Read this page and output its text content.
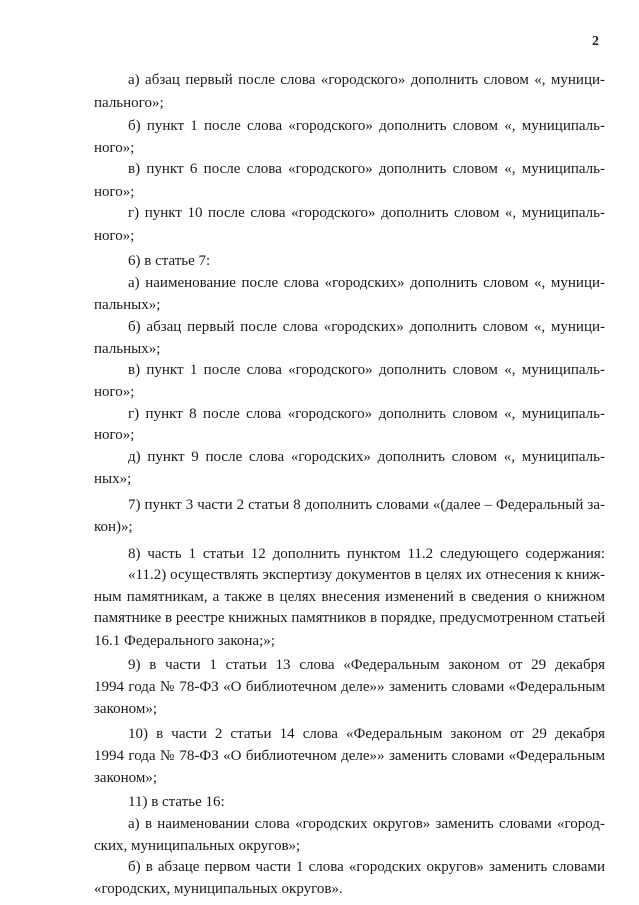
2
а) абзац первый после слова «городского» дополнить словом «, муници-
пального»;
б) пункт 1 после слова «городского» дополнить словом «, муниципаль-
ного»;
в) пункт 6 после слова «городского» дополнить словом «, муниципаль-
ного»;
г) пункт 10 после слова «городского» дополнить словом «, муниципаль-
ного»;
6) в статье 7:
а) наименование после слова «городских» дополнить словом «, муници-
пальных»;
б) абзац первый после слова «городских» дополнить словом «, муници-
пальных»;
в) пункт 1 после слова «городского» дополнить словом «, муниципаль-
ного»;
г) пункт 8 после слова «городского» дополнить словом «, муниципаль-
ного»;
д) пункт 9 после слова «городских» дополнить словом «, муниципаль-
ных»;
7) пункт 3 части 2 статьи 8 дополнить словами «(далее – Федеральный за-
кон)»;
8) часть 1 статьи 12 дополнить пунктом 11.2 следующего содержания:
«11.2) осуществлять экспертизу документов в целях их отнесения к книж-
ным памятникам, а также в целях внесения изменений в сведения о книжном
памятнике в реестре книжных памятников в порядке, предусмотренном статьей
16.1 Федерального закона;»;
9) в части 1 статьи 13 слова «Федеральным законом от 29 декабря
1994 года № 78-ФЗ «О библиотечном деле»» заменить словами «Федеральным
законом»;
10) в части 2 статьи 14 слова «Федеральным законом от 29 декабря
1994 года № 78-ФЗ «О библиотечном деле»» заменить словами «Федеральным
законом»;
11) в статье 16:
а) в наименовании слова «городских округов» заменить словами «город-
ских, муниципальных округов»;
б) в абзаце первом части 1 слова «городских округов» заменить словами
«городских, муниципальных округов».
